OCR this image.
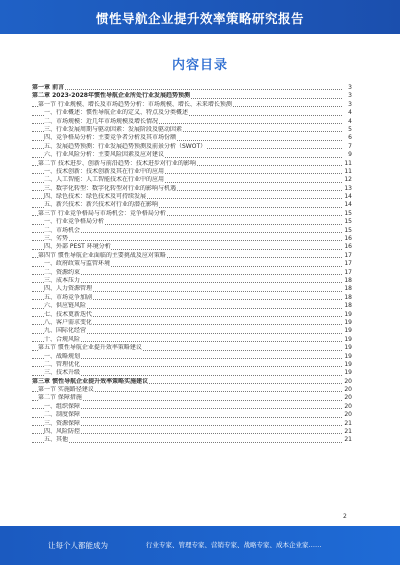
惯性导航企业提升效率策略研究报告
内容目录
第一章 前言	3
第二章 2023-2028年惯性导航企业所处行业发展趋势预测	3
第一节 行业规模、增长及市场趋势分析：市场规模、增长、未来增长预测	3
一、行业概述：惯性导航企业的定义、特点及分类概述	4
二、市场规模：近几年市场规模及增长情况	4
三、行业发展周期与驱动因素：发展阶段及驱动因素	5
四、竞争格局分析：主要竞争者分析及其市场份额	6
五、发展趋势预测：行业发展趋势预测及前景分析（SWOT）	7
六、行业风险分析：主要风险因素及应对建议	9
第二节 技术进步、创新与前沿趋势：技术进步对行业的影响	11
一、技术创新：技术创新及其在行业中的应用	11
二、人工智能：人工智能技术在行业中的应用	12
三、数字化转型：数字化转型对行业的影响与机遇	13
四、绿色技术：绿色技术及可持续发展	14
五、新兴技术：新兴技术对行业的潜在影响	14
第三节 行业竞争格局与市场机会：竞争格局分析	15
一、行业竞争格局分析	15
二、市场机会	15
三、劣势	16
四、外部 PEST 环境分析	16
第四节 惯性导航企业面临的主要挑战及应对策略	17
一、政府政策与监管环境	17
二、资源约束	17
三、成本压力	18
四、人力资源管理	18
五、市场竞争加剧	18
六、供应链风险	18
七、技术更新迭代	19
八、客户需求变化	19
九、国际化经营	19
十、合规风险	19
第五节 惯性导航企业提升效率策略建议	19
一、战略规划	19
二、管理优化	19
三、技术升级	19
第三章 惯性导航企业提升效率策略实施建议	20
第一节 实施路径建议	20
第二节 保障措施	20
一、组织保障	20
二、制度保障	20
三、资源保障	21
四、风险防控	21
五、其他	21
2
让每个人都能成为	行业专家、管理专家、营销专家、战略专家、成本企业家……
